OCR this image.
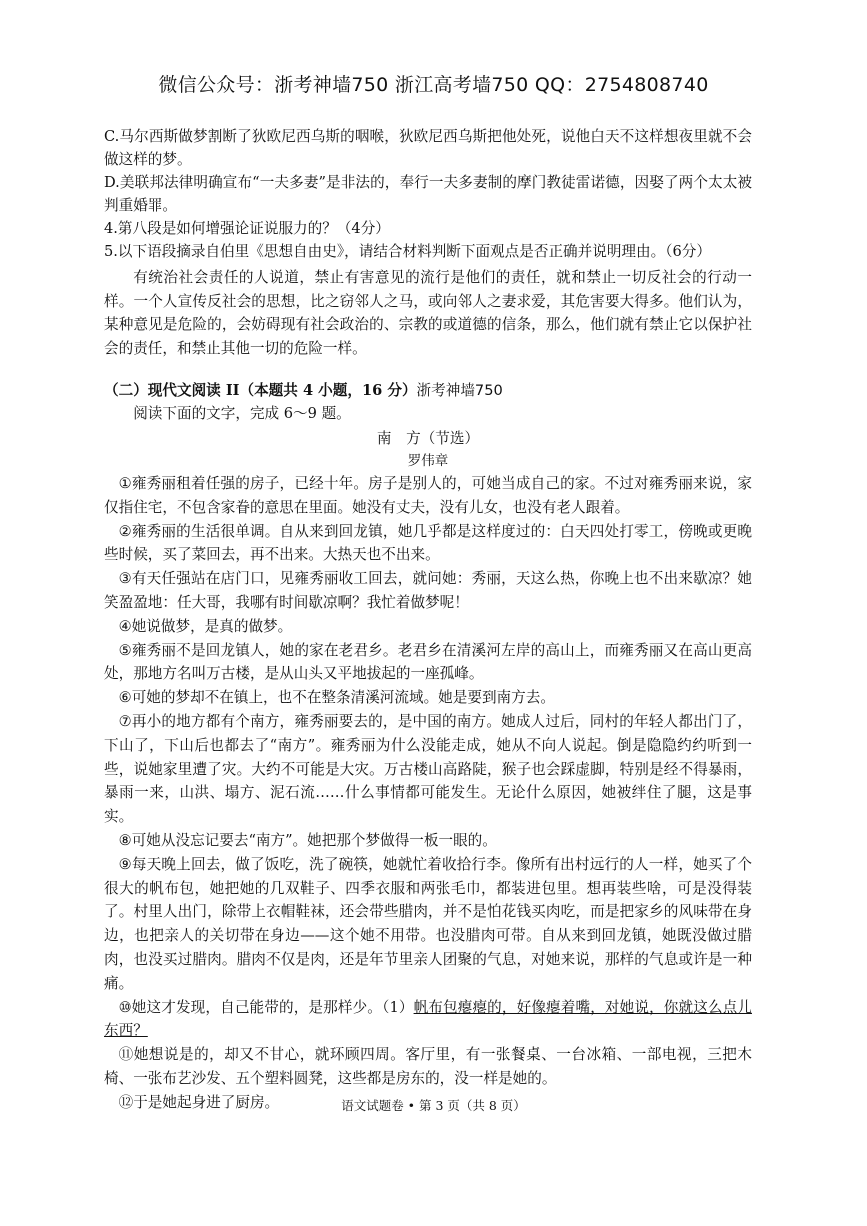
微信公众号：浙考神墙750 浙江高考墙750 QQ：2754808740

C.马尔西斯做梦割断了狄欧尼西乌斯的咽喉，狄欧尼西乌斯把他处死，说他白天不这样想夜里就不会做这样的梦。

D.美联邦法律明确宣布“一夫多妻”是非法的，奉行一夫多妻制的摩门教徒雷诺德，因娶了两个太太被判重婚罪。

4.第八段是如何增强论证说服力的？（4分）

5.以下语段摘录自伯里《思想自由史》，请结合材料判断下面观点是否正确并说明理由。（6分）

有统治社会责任的人说道，禁止有害意见的流行是他们的责任，就和禁止一切反社会的行动一样。一个人宣传反社会的思想，比之窃邻人之马，或向邻人之妻求爱，其危害要大得多。他们认为，某种意见是危险的，会妨碍现有社会政治的、宗教的或道德的信条，那么，他们就有禁止它以保护社会的责任，和禁止其他一切的危险一样。

（二）现代文阅读 II（本题共 4 小题，16 分）浙考神墙750

阅读下面的文字，完成 6～9 题。

南　方（节选）

罗伟章

①雍秀丽租着任强的房子，已经十年。房子是别人的，可她当成自己的家。不过对雍秀丽来说，家仅指住宅，不包含家眷的意思在里面。她没有丈夫，没有儿女，也没有老人跟着。

②雍秀丽的生活很单调。自从来到回龙镇，她几乎都是这样度过的：白天四处打零工，傍晚或更晚些时候，买了菜回去，再不出来。大热天也不出来。

③有天任强站在店门口，见雍秀丽收工回去，就问她：秀丽，天这么热，你晚上也不出来歇凉？她笑盈盈地：任大哥，我哪有时间歇凉啊？我忙着做梦呢！

④她说做梦，是真的做梦。

⑤雍秀丽不是回龙镇人，她的家在老君乡。老君乡在清溪河左岸的高山上，而雍秀丽又在高山更高处，那地方名叫万古楼，是从山头又平地拔起的一座孤峰。

⑥可她的梦却不在镇上，也不在整条清溪河流域。她是要到南方去。

⑦再小的地方都有个南方，雍秀丽要去的，是中国的南方。她成人过后，同村的年轻人都出门了，下山了，下山后也都去了“南方”。雍秀丽为什么没能走成，她从不向人说起。倒是隐隐约约听到一些，说她家里遭了灾。大约不可能是大灾。万古楼山高路陡，猴子也会踩虚脚，特别是经不得暴雨，暴雨一来，山洪、塌方、泥石流……什么事情都可能发生。无论什么原因，她被绊住了腿，这是事实。

⑧可她从没忘记要去“南方”。她把那个梦做得一板一眼的。

⑨每天晚上回去，做了饭吃，洗了碗筷，她就忙着收拾行李。像所有出村远行的人一样，她买了个很大的帆布包，她把她的几双鞋子、四季衣服和两张毛巾，都装进包里。想再装些啥，可是没得装了。村里人出门，除带上衣帽鞋袜，还会带些腊肉，并不是怕花钱买肉吃，而是把家乡的风味带在身边，也把亲人的关切带在身边——这个她不用带。也没腊肉可带。自从来到回龙镇，她既没做过腊肉，也没买过腊肉。腊肉不仅是肉，还是年节里亲人团聚的气息，对她来说，那样的气息或许是一种痛。

⑩她这才发现，自己能带的，是那样少。（1）帆布包瘪瘪的，好像瘪着嘴，对她说，你就这么点儿东西？

⑪她想说是的，却又不甘心，就环顾四周。客厅里，有一张餐桌、一台冰箱、一部电视，三把木椅、一张布艺沙发、五个塑料圆凳，这些都是房东的，没一样是她的。

⑫于是她起身进了厨房。	语文试题卷 • 第 3 页（共 8 页）
